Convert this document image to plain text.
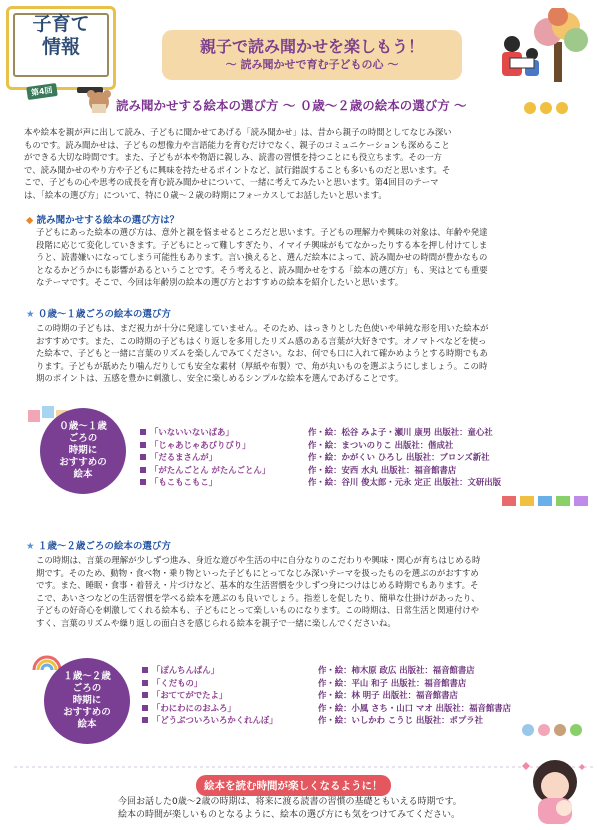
子育て
情報
第4回
親子で読み聞かせを楽しもう！
〜 読み聞かせで育む子どもの心 〜
読み聞かせする絵本の選び方 〜 ０歳〜２歳の絵本の選び方 〜
本や絵本を親が声に出して読み、子どもに聞かせてあげる「読み聞かせ」は、昔から親子の時間としてなじみ深い
ものです。読み聞かせは、子どもの想像力や言語能力を育むだけでなく、親子のコミュニケーションも深めること
ができる大切な時間です。また、子どもが本や物語に親しみ、読書の習慣を持つことにも役立ちます。その一方
で、読み聞かせのやり方や子どもに興味を持たせるポイントなど、試行錯誤することも多いものだと思います。そ
こで、子どもの心や思考の成長を育む読み聞かせについて、一緒に考えてみたいと思います。第4回目のテーマ
は、「絵本の選び方」について、特に０歳〜２歳の時期にフォーカスしてお話したいと思います。
◆ 読み聞かせする絵本の選び方は？
子どもにあった絵本の選び方は、意外と親を悩ませるところだと思います。子どもの理解力や興味の対象は、年齢や発達
段階に応じて変化していきます。子どもにとって難しすぎたり、イマイチ興味がもてなかったりする本を押し付けてしま
うと、読書嫌いになってしまう可能性もあります。言い換えると、選んだ絵本によって、読み聞かせの時間が豊かなもの
となるかどうかにも影響があるということです。そう考えると、読み聞かせをする「絵本の選び方」も、実はとても重要
なテーマです。そこで、今回は年齢別の絵本の選び方とおすすめの絵本を紹介したいと思います。
★ ０歳〜１歳ごろの絵本の選び方
この時期の子どもは、まだ視力が十分に発達していません。そのため、はっきりとした色使いや単純な形を用いた絵本が
おすすめです。また、この時期の子どもはくり返しを多用したリズム感のある言葉が大好きです。オノマトペなどを使っ
た絵本で、子どもと一緒に言葉のリズムを楽しんでみてください。なお、何でも口に入れて確かめようとする時期でもあ
ります。子どもが舐めたり噛んだりしても安全な素材（厚紙や布製）で、角が丸いものを選ぶようにしましょう。この時
期のポイントは、五感を豊かに刺激し、安全に楽しめるシンプルな絵本を選んであげることです。
０歳〜１歳
ごろの
時期に
おすすめの
絵本
「いないいないばあ」	作・絵：松谷 みよ子・瀬川 康男 出版社：童心社
「じゃあじゃあびりびり」	作・絵：まついのりこ 出版社：偕成社
「だるまさんが」	作・絵：かがくい ひろし 出版社：ブロンズ新社
「がたんごとん がたんごとん」	作・絵：安西 水丸 出版社：福音館書店
「もこもこもこ」	作・絵：谷川 俊太郎・元永 定正 出版社：文研出版
★ １歳〜２歳ごろの絵本の選び方
この時期は、言葉の理解が少しずつ進み、身近な遊びや生活の中に自分なりのこだわりや興味・関心が育ちはじめる時
期です。そのため、動物・食べ物・乗り物といった子どもにとってなじみ深いテーマを扱ったものを選ぶのがおすすめ
です。また、睡眠・食事・着替え・片づけなど、基本的な生活習慣を少しずつ身につけはじめる時期でもあります。そ
こで、あいさつなどの生活習慣を学べる絵本を選ぶのも良いでしょう。指差しを促したり、簡単な仕掛けがあったり、
子どもの好奇心を刺激してくれる絵本も、子どもにとって楽しいものになります。この時期は、日常生活と関連付けや
すく、言葉のリズムや繰り返しの面白さを感じられる絵本を親子で一緒に楽しんでくださいね。
１歳〜２歳
ごろの
時期に
おすすめの
絵本
「ぽんちんぱん」	作・絵：柿木原 政広 出版社：福音館書店
「くだもの」	作・絵：平山 和子 出版社：福音館書店
「おててがでたよ」	作・絵：林 明子 出版社：福音館書店
「わにわにのおふろ」	作・絵：小風 さち・山口 マオ 出版社：福音館書店
「どうぶついろいろかくれんぼ」	作・絵：いしかわ こうじ 出版社：ポプラ社
絵本を読む時間が楽しくなるように！
今回お話した0歳〜2歳の時期は、将来に渡る読書の習慣の基礎ともいえる時期です。
絵本の時間が楽しいものとなるように、絵本の選び方にも気をつけてみてください。
